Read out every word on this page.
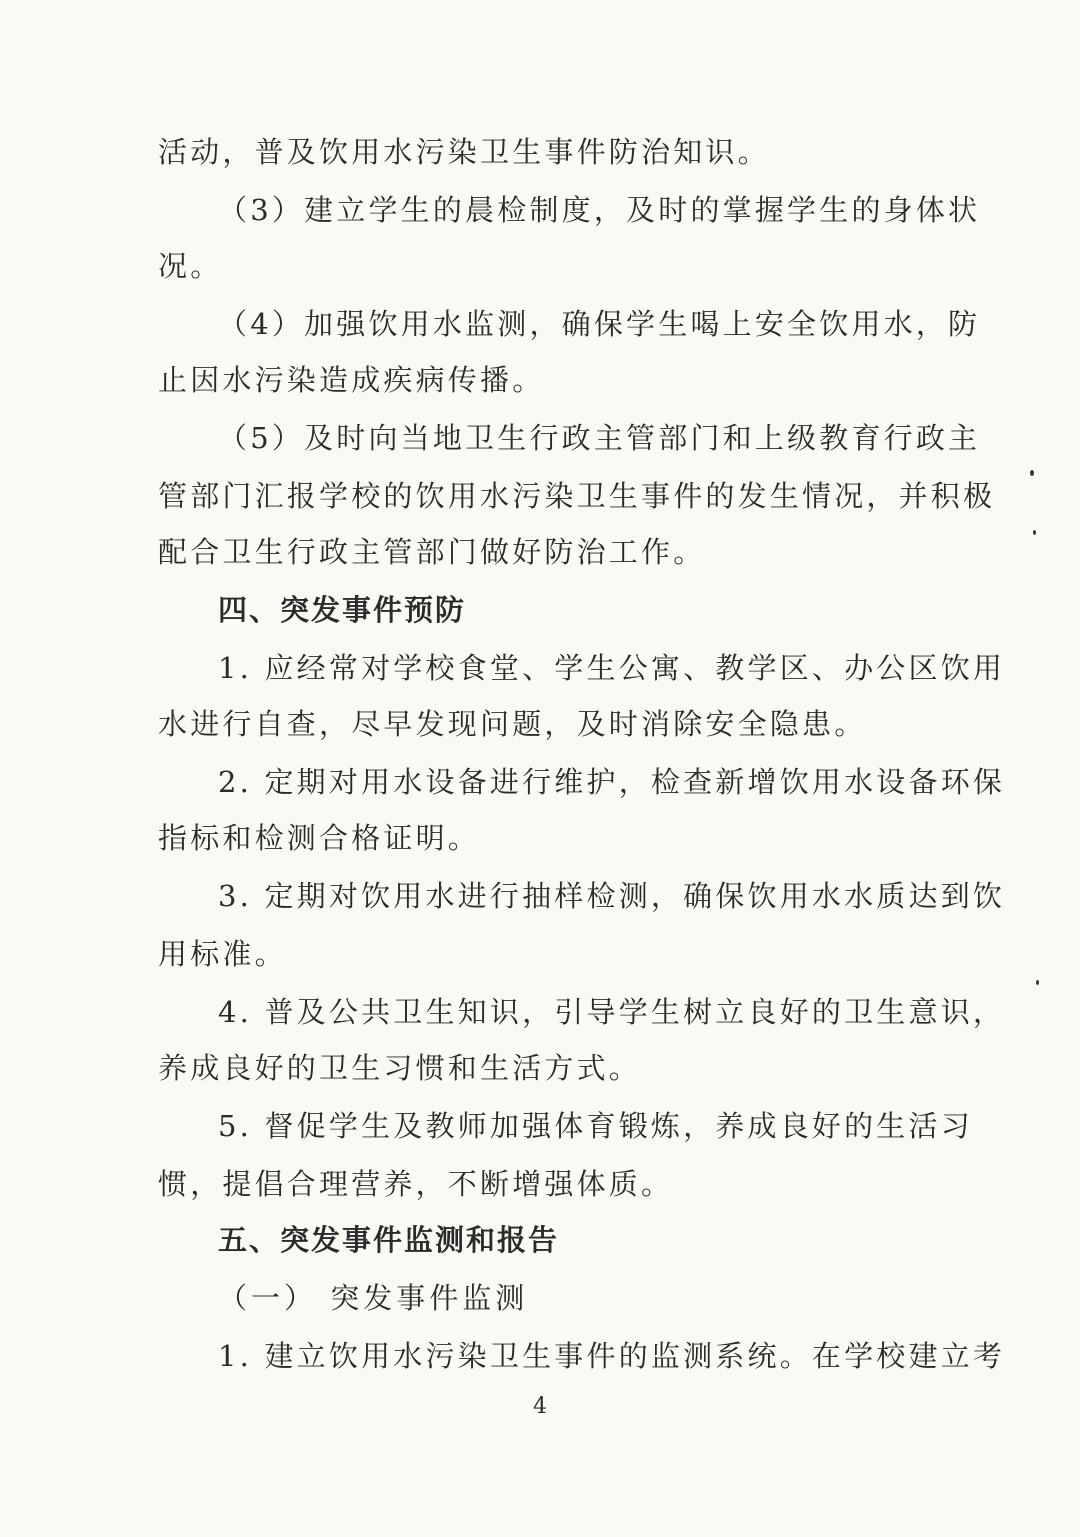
活动，普及饮用水污染卫生事件防治知识。
（3）建立学生的晨检制度，及时的掌握学生的身体状
况。
（4）加强饮用水监测，确保学生喝上安全饮用水，防
止因水污染造成疾病传播。
（5）及时向当地卫生行政主管部门和上级教育行政主
管部门汇报学校的饮用水污染卫生事件的发生情况，并积极
配合卫生行政主管部门做好防治工作。
四、突发事件预防
1. 应经常对学校食堂、学生公寓、教学区、办公区饮用
水进行自查，尽早发现问题，及时消除安全隐患。
2. 定期对用水设备进行维护，检查新增饮用水设备环保
指标和检测合格证明。
3. 定期对饮用水进行抽样检测，确保饮用水水质达到饮
用标准。
4. 普及公共卫生知识，引导学生树立良好的卫生意识，
养成良好的卫生习惯和生活方式。
5. 督促学生及教师加强体育锻炼，养成良好的生活习
惯，提倡合理营养，不断增强体质。
五、突发事件监测和报告
（一） 突发事件监测
1. 建立饮用水污染卫生事件的监测系统。在学校建立考
4
